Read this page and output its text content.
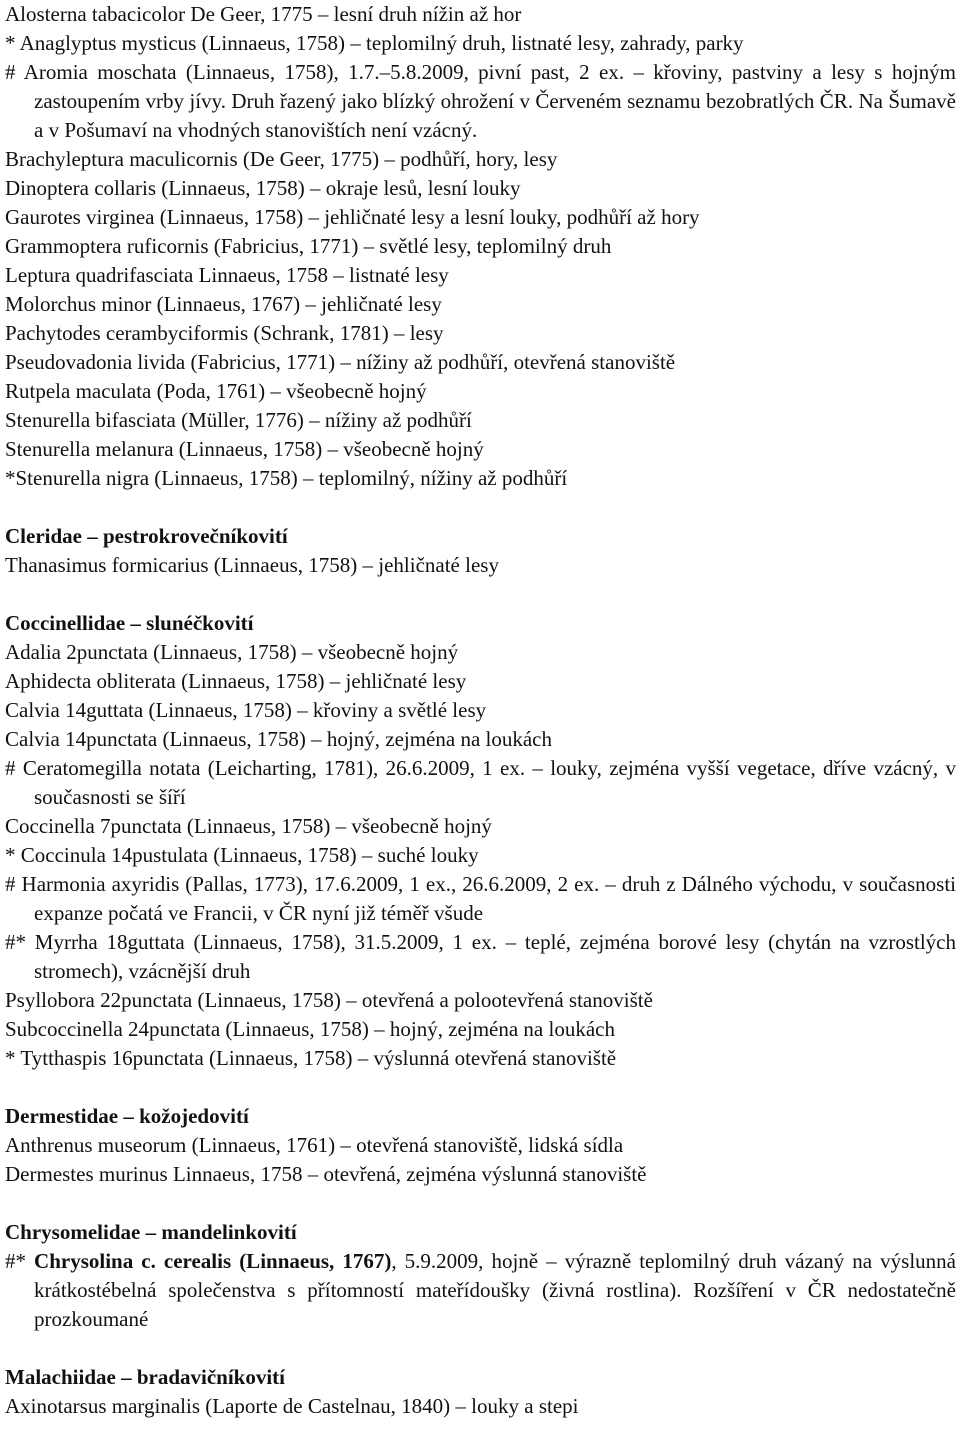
Alosterna tabacicolor De Geer, 1775 – lesní druh nížin až hor
* Anaglyptus mysticus (Linnaeus, 1758) – teplomilný druh, listnaté lesy, zahrady, parky
# Aromia moschata (Linnaeus, 1758), 1.7.–5.8.2009, pivní past, 2 ex. – křoviny, pastviny a lesy s hojným zastoupením vrby jívy. Druh řazený jako blízký ohrožení v Červeném seznamu bezobratlých ČR. Na Šumavě a v Pošumaví na vhodných stanovištích není vzácný.
Brachyleptura maculicornis (De Geer, 1775) – podhůří, hory, lesy
Dinoptera collaris (Linnaeus, 1758) – okraje lesů, lesní louky
Gaurotes virginea (Linnaeus, 1758) – jehličnaté lesy a lesní louky, podhůří až hory
Grammoptera ruficornis (Fabricius, 1771) – světlé lesy, teplomilný druh
Leptura quadrifasciata Linnaeus, 1758 – listnaté lesy
Molorchus minor (Linnaeus, 1767) – jehličnaté lesy
Pachytodes cerambyciformis (Schrank, 1781) – lesy
Pseudovadonia livida (Fabricius, 1771) – nížiny až podhůří, otevřená stanoviště
Rutpela maculata (Poda, 1761) – všeobecně hojný
Stenurella bifasciata (Müller, 1776) – nížiny až podhůří
Stenurella melanura (Linnaeus, 1758) – všeobecně hojný
*Stenurella nigra (Linnaeus, 1758) – teplomilný, nížiny až podhůří
Cleridae – pestrokrovečníkovití
Thanasimus formicarius (Linnaeus, 1758) – jehličnaté lesy
Coccinellidae – slunéčkovití
Adalia 2punctata (Linnaeus, 1758) – všeobecně hojný
Aphidecta obliterata (Linnaeus, 1758) – jehličnaté lesy
Calvia 14guttata (Linnaeus, 1758) – křoviny a světlé lesy
Calvia 14punctata (Linnaeus, 1758) – hojný, zejména na loukách
# Ceratomegilla notata (Leicharting, 1781), 26.6.2009, 1 ex. – louky, zejména vyšší vegetace, dříve vzácný, v současnosti se šíří
Coccinella 7punctata (Linnaeus, 1758) – všeobecně hojný
* Coccinula 14pustulata (Linnaeus, 1758) – suché louky
# Harmonia axyridis (Pallas, 1773), 17.6.2009, 1 ex., 26.6.2009, 2 ex. – druh z Dálného východu, v současnosti expanze počatá ve Francii, v ČR nyní již téměř všude
#* Myrrha 18guttata (Linnaeus, 1758), 31.5.2009, 1 ex. – teplé, zejména borové lesy (chytán na vzrostlých stromech), vzácnější druh
Psyllobora 22punctata (Linnaeus, 1758) – otevřená a polootevřená stanoviště
Subcoccinella 24punctata (Linnaeus, 1758) – hojný, zejména na loukách
* Tytthaspis 16punctata (Linnaeus, 1758) – výslunná otevřená stanoviště
Dermestidae – kožojedovití
Anthrenus museorum (Linnaeus, 1761) – otevřená stanoviště, lidská sídla
Dermestes murinus Linnaeus, 1758 – otevřená, zejména výslunná stanoviště
Chrysomelidae – mandelinkovití
#* Chrysolina c. cerealis (Linnaeus, 1767), 5.9.2009, hojně – výrazně teplomilný druh vázaný na výslunná krátkostébelná společenstva s přítomností mateřídoušky (živná rostlina). Rozšíření v ČR nedostatečně prozkoumané
Malachiidae – bradavičníkovití
Axinotarsus marginalis (Laporte de Castelnau, 1840) – louky a stepi
